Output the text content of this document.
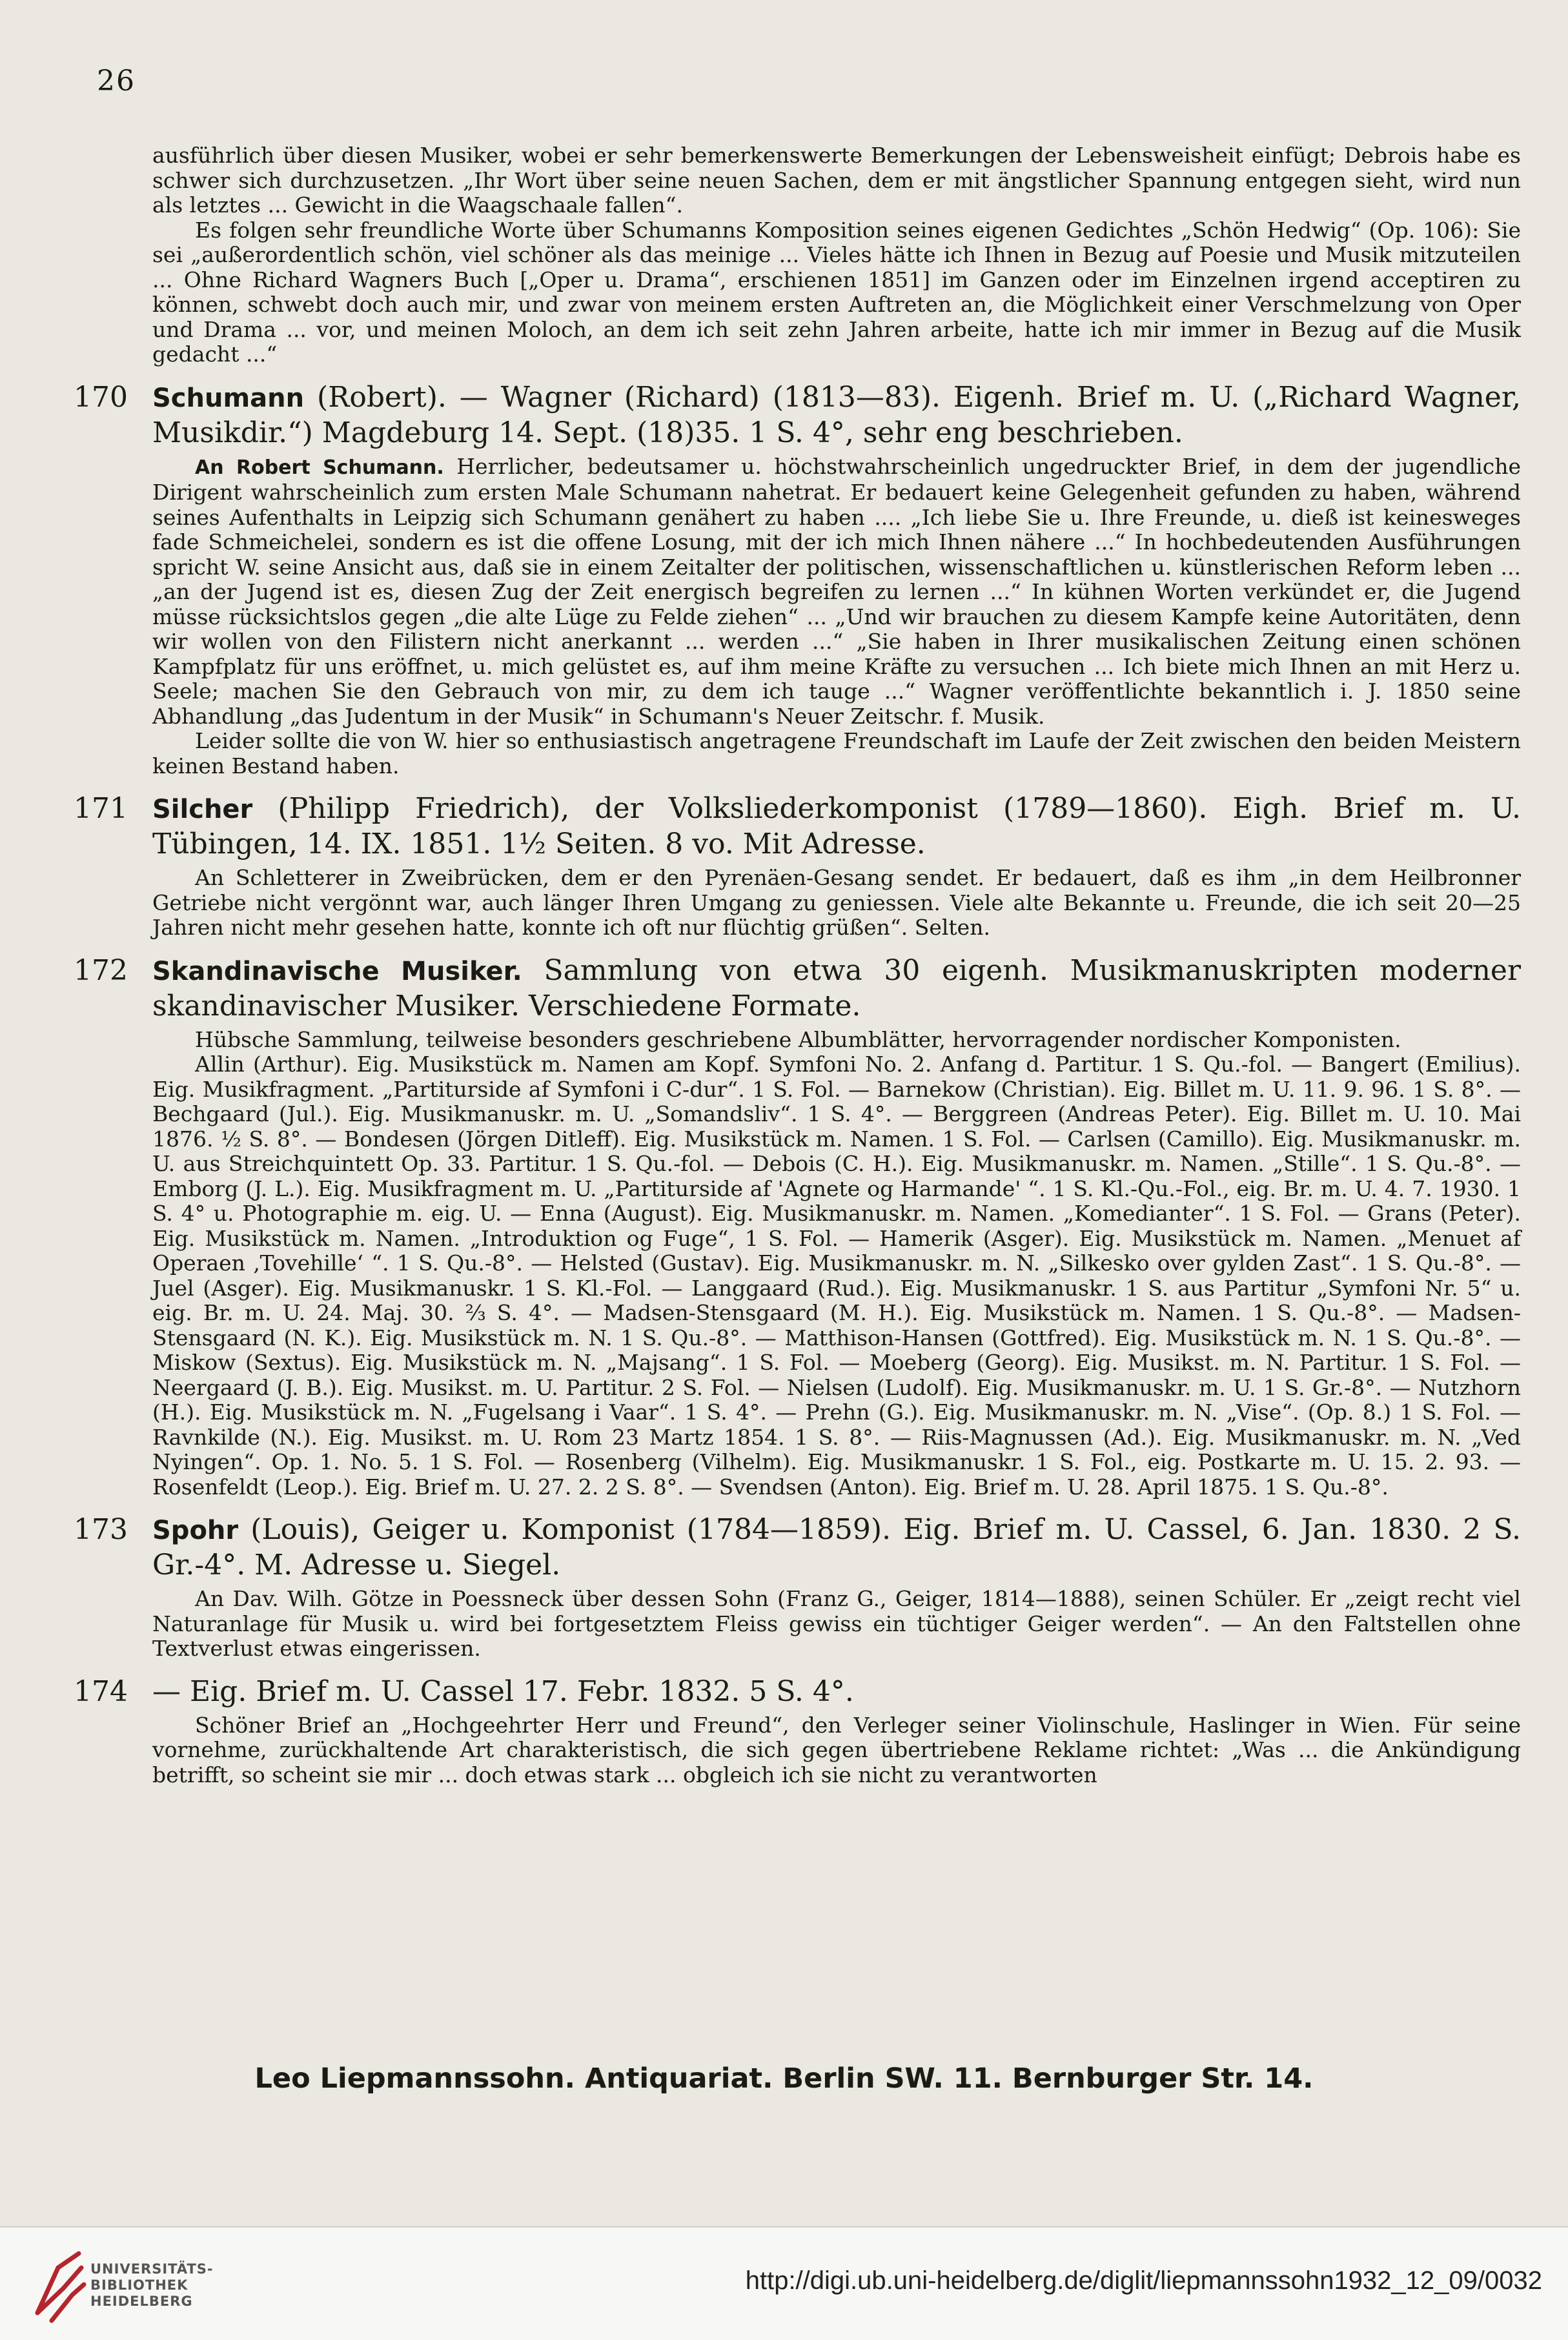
26

ausführlich über diesen Musiker, wobei er sehr bemerkenswerte Bemerkungen der Lebensweisheit einfügt; Debrois habe es schwer sich durchzusetzen. „Ihr Wort über seine neuen Sachen, dem er mit ängstlicher Spannung entgegen sieht, wird nun als letztes ... Gewicht in die Waagschaale fallen“.

Es folgen sehr freundliche Worte über Schumanns Komposition seines eigenen Gedichtes „Schön Hedwig“ (Op. 106): Sie sei „außerordentlich schön, viel schöner als das meinige ... Vieles hätte ich Ihnen in Bezug auf Poesie und Musik mitzuteilen ... Ohne Richard Wagners Buch [„Oper u. Drama“, erschienen 1851] im Ganzen oder im Einzelnen irgend acceptiren zu können, schwebt doch auch mir, und zwar von meinem ersten Auftreten an, die Möglichkeit einer Verschmelzung von Oper und Drama ... vor, und meinen Moloch, an dem ich seit zehn Jahren arbeite, hatte ich mir immer in Bezug auf die Musik gedacht ...“

170 Schumann (Robert). — Wagner (Richard) (1813—83). Eigenh. Brief m. U. („Richard Wagner, Musikdir.“) Magdeburg 14. Sept. (18)35. 1 S. 4°, sehr eng beschrieben.

An Robert Schumann. Herrlicher, bedeutsamer u. höchstwahrscheinlich ungedruckter Brief, in dem der jugendliche Dirigent wahrscheinlich zum ersten Male Schumann nahetrat. Er bedauert keine Gelegenheit gefunden zu haben, während seines Aufenthalts in Leipzig sich Schumann genähert zu haben .... „Ich liebe Sie u. Ihre Freunde, u. dieß ist keinesweges fade Schmeichelei, sondern es ist die offene Losung, mit der ich mich Ihnen nähere ...“ In hochbedeutenden Ausführungen spricht W. seine Ansicht aus, daß sie in einem Zeitalter der politischen, wissenschaftlichen u. künstlerischen Reform leben ... „an der Jugend ist es, diesen Zug der Zeit energisch begreifen zu lernen ...“ In kühnen Worten verkündet er, die Jugend müsse rücksichtslos gegen „die alte Lüge zu Felde ziehen“ ... „Und wir brauchen zu diesem Kampfe keine Autoritäten, denn wir wollen von den Filistern nicht anerkannt ... werden ...“ „Sie haben in Ihrer musikalischen Zeitung einen schönen Kampfplatz für uns eröffnet, u. mich gelüstet es, auf ihm meine Kräfte zu versuchen ... Ich biete mich Ihnen an mit Herz u. Seele; machen Sie den Gebrauch von mir, zu dem ich tauge ...“ Wagner veröffentlichte bekanntlich i. J. 1850 seine Abhandlung „das Judentum in der Musik“ in Schumann's Neuer Zeitschr. f. Musik.

Leider sollte die von W. hier so enthusiastisch angetragene Freundschaft im Laufe der Zeit zwischen den beiden Meistern keinen Bestand haben.

171 Silcher (Philipp Friedrich), der Volksliederkomponist (1789—1860). Eigh. Brief m. U. Tübingen, 14. IX. 1851. 1½ Seiten. 8 vo. Mit Adresse.

An Schletterer in Zweibrücken, dem er den Pyrenäen-Gesang sendet. Er bedauert, daß es ihm „in dem Heilbronner Getriebe nicht vergönnt war, auch länger Ihren Umgang zu geniessen. Viele alte Bekannte u. Freunde, die ich seit 20—25 Jahren nicht mehr gesehen hatte, konnte ich oft nur flüchtig grüßen“. Selten.

172 Skandinavische Musiker. Sammlung von etwa 30 eigenh. Musikmanuskripten moderner skandinavischer Musiker. Verschiedene Formate.

Hübsche Sammlung, teilweise besonders geschriebene Albumblätter, hervorragender nordischer Komponisten.

Allin (Arthur). Eig. Musikstück m. Namen am Kopf. Symfoni No. 2. Anfang d. Partitur. 1 S. Qu.-fol. — Bangert (Emilius). Eig. Musikfragment. „Partiturside af Symfoni i C-dur“. 1 S. Fol. — Barnekow (Christian). Eig. Billet m. U. 11. 9. 96. 1 S. 8°. — Bechgaard (Jul.). Eig. Musikmanuskr. m. U. „Somandsliv“. 1 S. 4°. — Berggreen (Andreas Peter). Eig. Billet m. U. 10. Mai 1876. ½ S. 8°. — Bondesen (Jörgen Ditleff). Eig. Musikstück m. Namen. 1 S. Fol. — Carlsen (Camillo). Eig. Musikmanuskr. m. U. aus Streichquintett Op. 33. Partitur. 1 S. Qu.-fol. — Debois (C. H.). Eig. Musikmanuskr. m. Namen. „Stille“. 1 S. Qu.-8°. — Emborg (J. L.). Eig. Musikfragment m. U. „Partiturside af 'Agnete og Harmande' “. 1 S. Kl.-Qu.-Fol., eig. Br. m. U. 4. 7. 1930. 1 S. 4° u. Photographie m. eig. U. — Enna (August). Eig. Musikmanuskr. m. Namen. „Komedianter“. 1 S. Fol. — Grans (Peter). Eig. Musikstück m. Namen. „Introduktion og Fuge“, 1 S. Fol. — Hamerik (Asger). Eig. Musikstück m. Namen. „Menuet af Operaen ‚Tovehille‘ “. 1 S. Qu.-8°. — Helsted (Gustav). Eig. Musikmanuskr. m. N. „Silkesko over gylden Zast“. 1 S. Qu.-8°. — Juel (Asger). Eig. Musikmanuskr. 1 S. Kl.-Fol. — Langgaard (Rud.). Eig. Musikmanuskr. 1 S. aus Partitur „Symfoni Nr. 5“ u. eig. Br. m. U. 24. Maj. 30. ⅔ S. 4°. — Madsen-Stensgaard (M. H.). Eig. Musikstück m. Namen. 1 S. Qu.-8°. — Madsen-Stensgaard (N. K.). Eig. Musikstück m. N. 1 S. Qu.-8°. — Matthison-Hansen (Gottfred). Eig. Musikstück m. N. 1 S. Qu.-8°. — Miskow (Sextus). Eig. Musikstück m. N. „Majsang“. 1 S. Fol. — Moeberg (Georg). Eig. Musikst. m. N. Partitur. 1 S. Fol. — Neergaard (J. B.). Eig. Musikst. m. U. Partitur. 2 S. Fol. — Nielsen (Ludolf). Eig. Musikmanuskr. m. U. 1 S. Gr.-8°. — Nutzhorn (H.). Eig. Musikstück m. N. „Fugelsang i Vaar“. 1 S. 4°. — Prehn (G.). Eig. Musikmanuskr. m. N. „Vise“. (Op. 8.) 1 S. Fol. — Ravnkilde (N.). Eig. Musikst. m. U. Rom 23 Martz 1854. 1 S. 8°. — Riis-Magnussen (Ad.). Eig. Musikmanuskr. m. N. „Ved Nyingen“. Op. 1. No. 5. 1 S. Fol. — Rosenberg (Vilhelm). Eig. Musikmanuskr. 1 S. Fol., eig. Postkarte m. U. 15. 2. 93. — Rosenfeldt (Leop.). Eig. Brief m. U. 27. 2. 2 S. 8°. — Svendsen (Anton). Eig. Brief m. U. 28. April 1875. 1 S. Qu.-8°.

173 Spohr (Louis), Geiger u. Komponist (1784—1859). Eig. Brief m. U. Cassel, 6. Jan. 1830. 2 S. Gr.-4°. M. Adresse u. Siegel.

An Dav. Wilh. Götze in Poessneck über dessen Sohn (Franz G., Geiger, 1814—1888), seinen Schüler. Er „zeigt recht viel Naturanlage für Musik u. wird bei fortgesetztem Fleiss gewiss ein tüchtiger Geiger werden“. — An den Faltstellen ohne Textverlust etwas eingerissen.

174 — Eig. Brief m. U. Cassel 17. Febr. 1832. 5 S. 4°.

Schöner Brief an „Hochgeehrter Herr und Freund“, den Verleger seiner Violinschule, Haslinger in Wien. Für seine vornehme, zurückhaltende Art charakteristisch, die sich gegen übertriebene Reklame richtet: „Was ... die Ankündigung betrifft, so scheint sie mir ... doch etwas stark ... obgleich ich sie nicht zu verantworten

Leo Liepmannssohn. Antiquariat. Berlin SW. 11. Bernburger Str. 14.
UNIVERSITÄTS-
BIBLIOTHEK
HEIDELBERG
http://digi.ub.uni-heidelberg.de/diglit/liepmannssohn1932_12_09/0032
